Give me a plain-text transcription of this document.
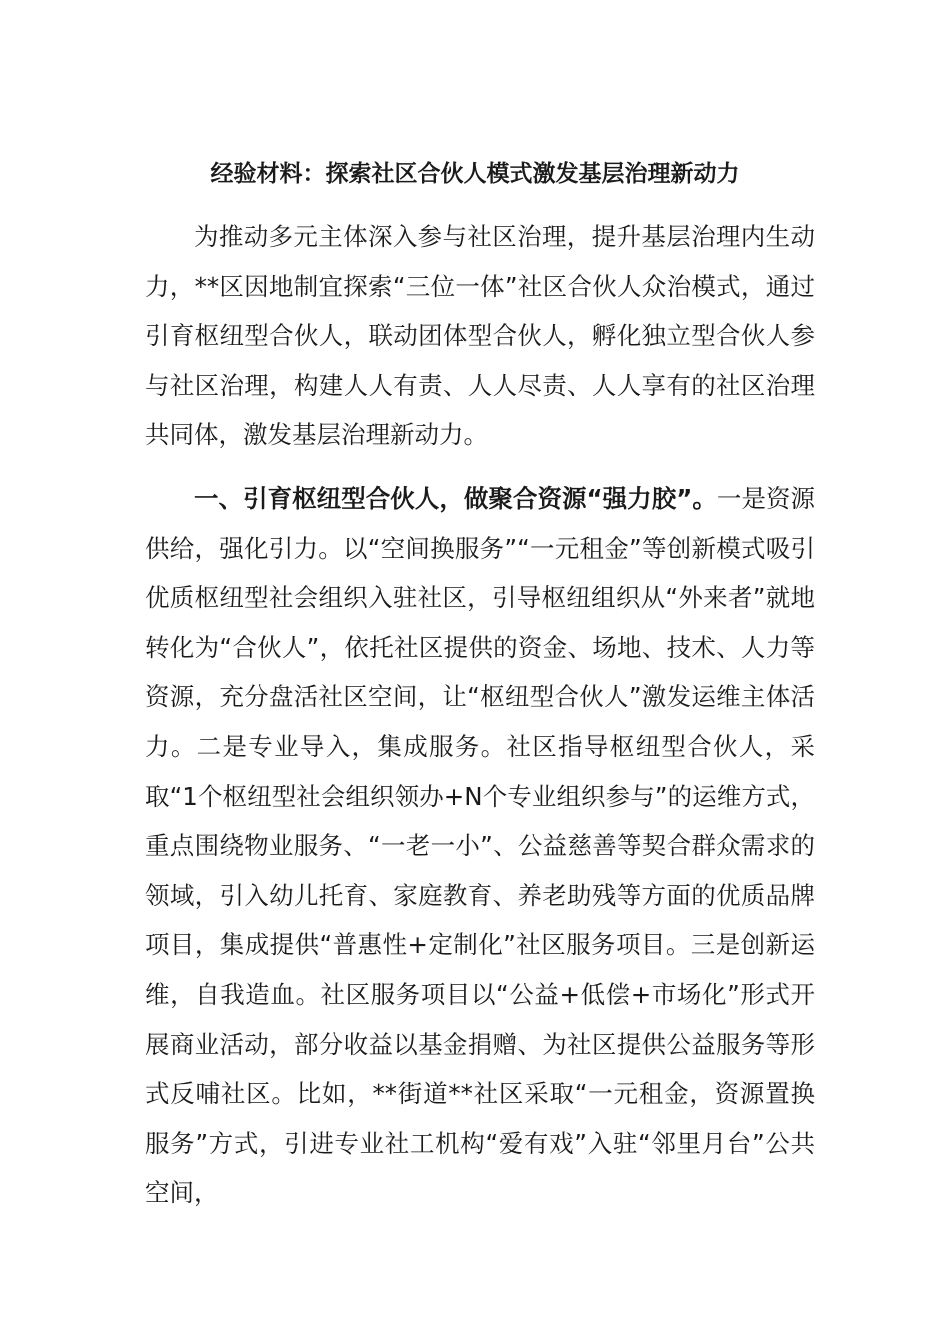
经验材料：探索社区合伙人模式激发基层治理新动力

为推动多元主体深入参与社区治理，提升基层治理内生动力，**区因地制宜探索“三位一体”社区合伙人众治模式，通过引育枢纽型合伙人，联动团体型合伙人，孵化独立型合伙人参与社区治理，构建人人有责、人人尽责、人人享有的社区治理共同体，激发基层治理新动力。

一、引育枢纽型合伙人，做聚合资源“强力胶”。一是资源供给，强化引力。以“空间换服务”“一元租金”等创新模式吸引优质枢纽型社会组织入驻社区，引导枢纽组织从“外来者”就地转化为“合伙人”，依托社区提供的资金、场地、技术、人力等资源，充分盘活社区空间，让“枢纽型合伙人”激发运维主体活力。二是专业导入，集成服务。社区指导枢纽型合伙人，采取“1个枢纽型社会组织领办+N个专业组织参与”的运维方式，重点围绕物业服务、“一老一小”、公益慈善等契合群众需求的领域，引入幼儿托育、家庭教育、养老助残等方面的优质品牌项目，集成提供“普惠性+定制化”社区服务项目。三是创新运维，自我造血。社区服务项目以“公益+低偿+市场化”形式开展商业活动，部分收益以基金捐赠、为社区提供公益服务等形式反哺社区。比如，**街道**社区采取“一元租金，资源置换服务”方式，引进专业社工机构“爱有戏”入驻“邻里月台”公共空间，
